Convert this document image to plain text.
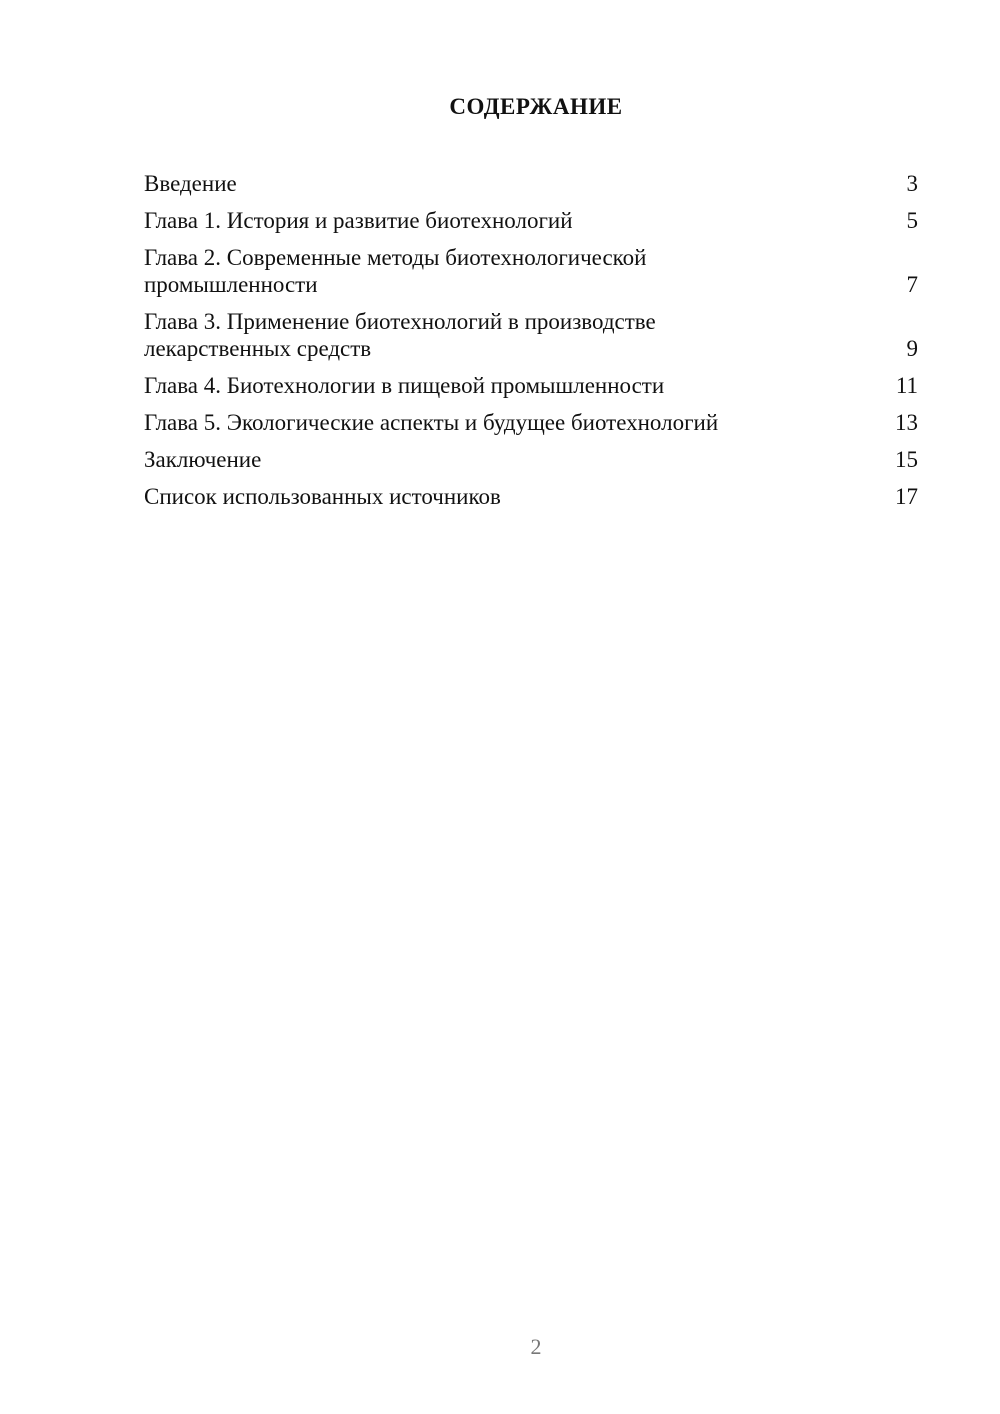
СОДЕРЖАНИЕ
Введение	3
Глава 1. История и развитие биотехнологий	5
Глава 2. Современные методы биотехнологической промышленности	7
Глава 3. Применение биотехнологий в производстве лекарственных средств	9
Глава 4. Биотехнологии в пищевой промышленности	11
Глава 5. Экологические аспекты и будущее биотехнологий	13
Заключение	15
Список использованных источников	17
2
